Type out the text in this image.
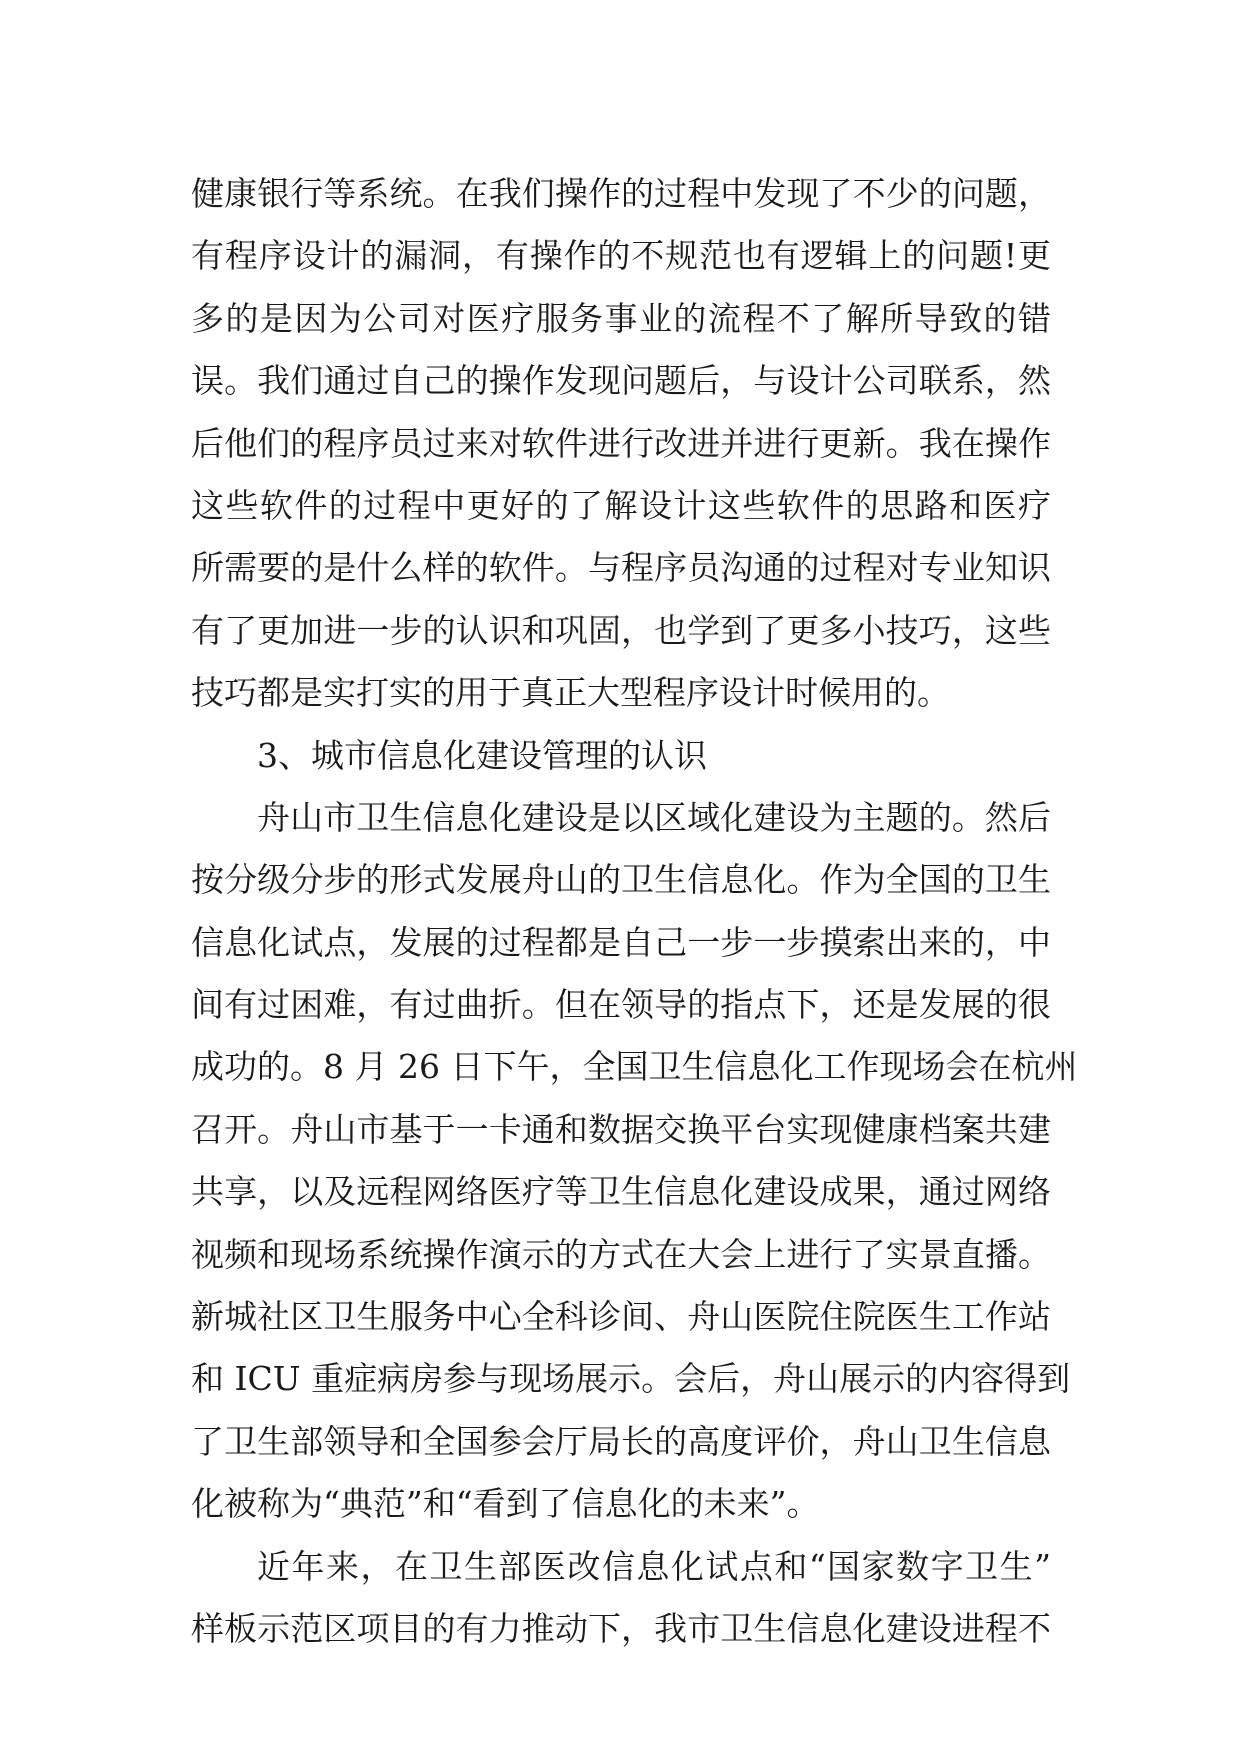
健康银行等系统。在我们操作的过程中发现了不少的问题，
有程序设计的漏洞，有操作的不规范也有逻辑上的问题!更
多的是因为公司对医疗服务事业的流程不了解所导致的错
误。我们通过自己的操作发现问题后，与设计公司联系，然
后他们的程序员过来对软件进行改进并进行更新。我在操作
这些软件的过程中更好的了解设计这些软件的思路和医疗
所需要的是什么样的软件。与程序员沟通的过程对专业知识
有了更加进一步的认识和巩固，也学到了更多小技巧，这些
技巧都是实打实的用于真正大型程序设计时候用的。
3、城市信息化建设管理的认识
舟山市卫生信息化建设是以区域化建设为主题的。然后
按分级分步的形式发展舟山的卫生信息化。作为全国的卫生
信息化试点，发展的过程都是自己一步一步摸索出来的，中
间有过困难，有过曲折。但在领导的指点下，还是发展的很
成功的。8 月 26 日下午，全国卫生信息化工作现场会在杭州
召开。舟山市基于一卡通和数据交换平台实现健康档案共建
共享，以及远程网络医疗等卫生信息化建设成果，通过网络
视频和现场系统操作演示的方式在大会上进行了实景直播。
新城社区卫生服务中心全科诊间、舟山医院住院医生工作站
和 ICU 重症病房参与现场展示。会后，舟山展示的内容得到
了卫生部领导和全国参会厅局长的高度评价，舟山卫生信息
化被称为“典范”和“看到了信息化的未来”。
近年来，在卫生部医改信息化试点和“国家数字卫生”
样板示范区项目的有力推动下，我市卫生信息化建设进程不
